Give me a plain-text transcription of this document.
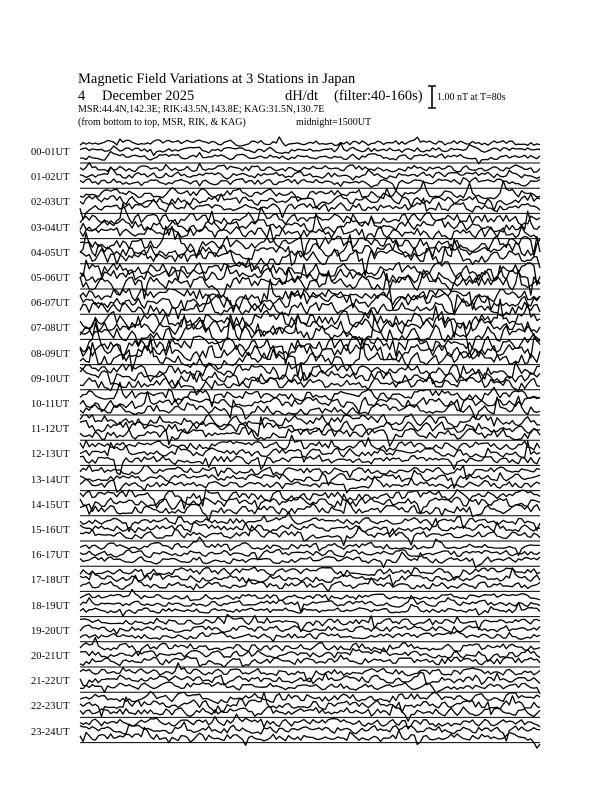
Magnetic Field Variations at 3 Stations in Japan
4 December 2025	dH/dt (filter:40-160s)
MSR:44.4N,142.3E; RIK:43.5N,143.8E; KAG:31.5N,130.7E
(from bottom to top, MSR, RIK, & KAG)	midnight=1500UT
1.00 nT at T=80s
00-01UT
01-02UT
02-03UT
03-04UT
04-05UT
05-06UT
06-07UT
07-08UT
08-09UT
09-10UT
10-11UT
11-12UT
12-13UT
13-14UT
14-15UT
15-16UT
16-17UT
17-18UT
18-19UT
19-20UT
20-21UT
21-22UT
22-23UT
23-24UT
